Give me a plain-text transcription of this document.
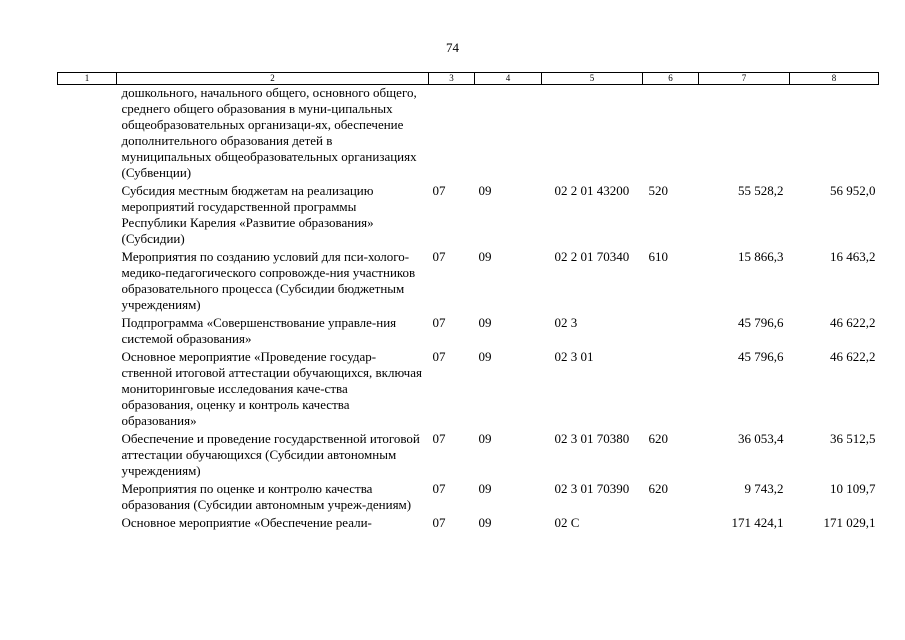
74
1	2	3	4	5	6	7	8
	дошкольного, начального общего, основного общего, среднего общего образования в муни-ципальных общеобразовательных организаци-ях, обеспечение дополнительного образования детей в муниципальных общеобразовательных организациях (Субвенции)						
	Субсидия местным бюджетам на реализацию мероприятий государственной программы Республики Карелия «Развитие образования» (Субсидии)	07	09	02 2 01 43200	520	55 528,2	56 952,0
	Мероприятия по созданию условий для пси-холого-медико-педагогического сопровожде-ния участников образовательного процесса (Субсидии бюджетным учреждениям)	07	09	02 2 01 70340	610	15 866,3	16 463,2
	Подпрограмма «Совершенствование управле-ния системой образования»	07	09	02 3		45 796,6	46 622,2
	Основное мероприятие «Проведение государ-ственной итоговой аттестации обучающихся, включая мониторинговые исследования каче-ства образования, оценку и контроль качества образования»	07	09	02 3 01		45 796,6	46 622,2
	Обеспечение и проведение государственной итоговой аттестации обучающихся (Субсидии автономным учреждениям)	07	09	02 3 01 70380	620	36 053,4	36 512,5
	Мероприятия по оценке и контролю качества образования (Субсидии автономным учреж-дениям)	07	09	02 3 01 70390	620	9 743,2	10 109,7
	Основное мероприятие «Обеспечение реали-	07	09	02 С		171 424,1	171 029,1
